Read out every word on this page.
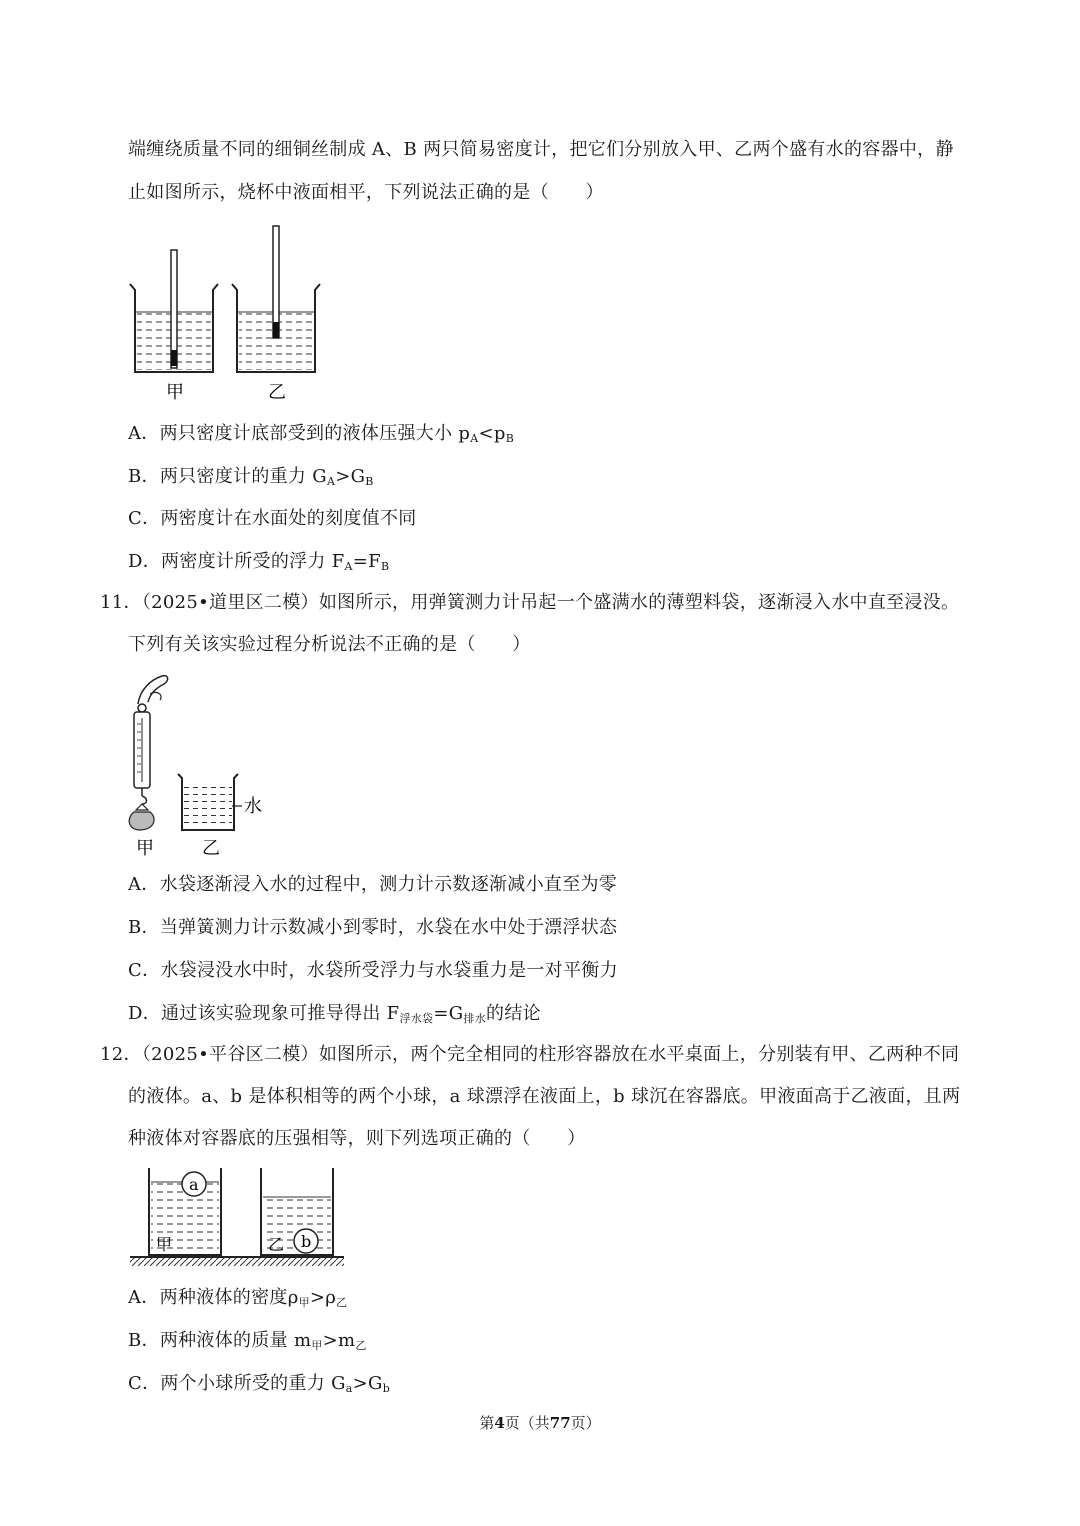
端缠绕质量不同的细铜丝制成 A、B 两只简易密度计，把它们分别放入甲、乙两个盛有水的容器中，静
止如图所示，烧杯中液面相平，下列说法正确的是（　　）
甲	乙
A．两只密度计底部受到的液体压强大小 $p_A<p_B$
B．两只密度计的重力 $G_A>G_B$
C．两密度计在水面处的刻度值不同
D．两密度计所受的浮力 $F_A=F_B$
11．（2025•道里区二模）如图所示，用弹簧测力计吊起一个盛满水的薄塑料袋，逐渐浸入水中直至浸没。
下列有关该实验过程分析说法不正确的是（　　）
水
甲	乙
A．水袋逐渐浸入水的过程中，测力计示数逐渐减小直至为零
B．当弹簧测力计示数减小到零时，水袋在水中处于漂浮状态
C．水袋浸没水中时，水袋所受浮力与水袋重力是一对平衡力
D．通过该实验现象可推导得出 $F_{浮水袋}=G_{排水}$的结论
12．（2025•平谷区二模）如图所示，两个完全相同的柱形容器放在水平桌面上，分别装有甲、乙两种不同
的液体。a、b 是体积相等的两个小球，a 球漂浮在液面上，b 球沉在容器底。甲液面高于乙液面，且两
种液体对容器底的压强相等，则下列选项正确的（　　）
a
甲	b
乙
A．两种液体的密度$\rho_甲>\rho_乙$
B．两种液体的质量 $m_甲>m_乙$
C．两个小球所受的重力 $G_a>G_b$
第4页（共77页）
